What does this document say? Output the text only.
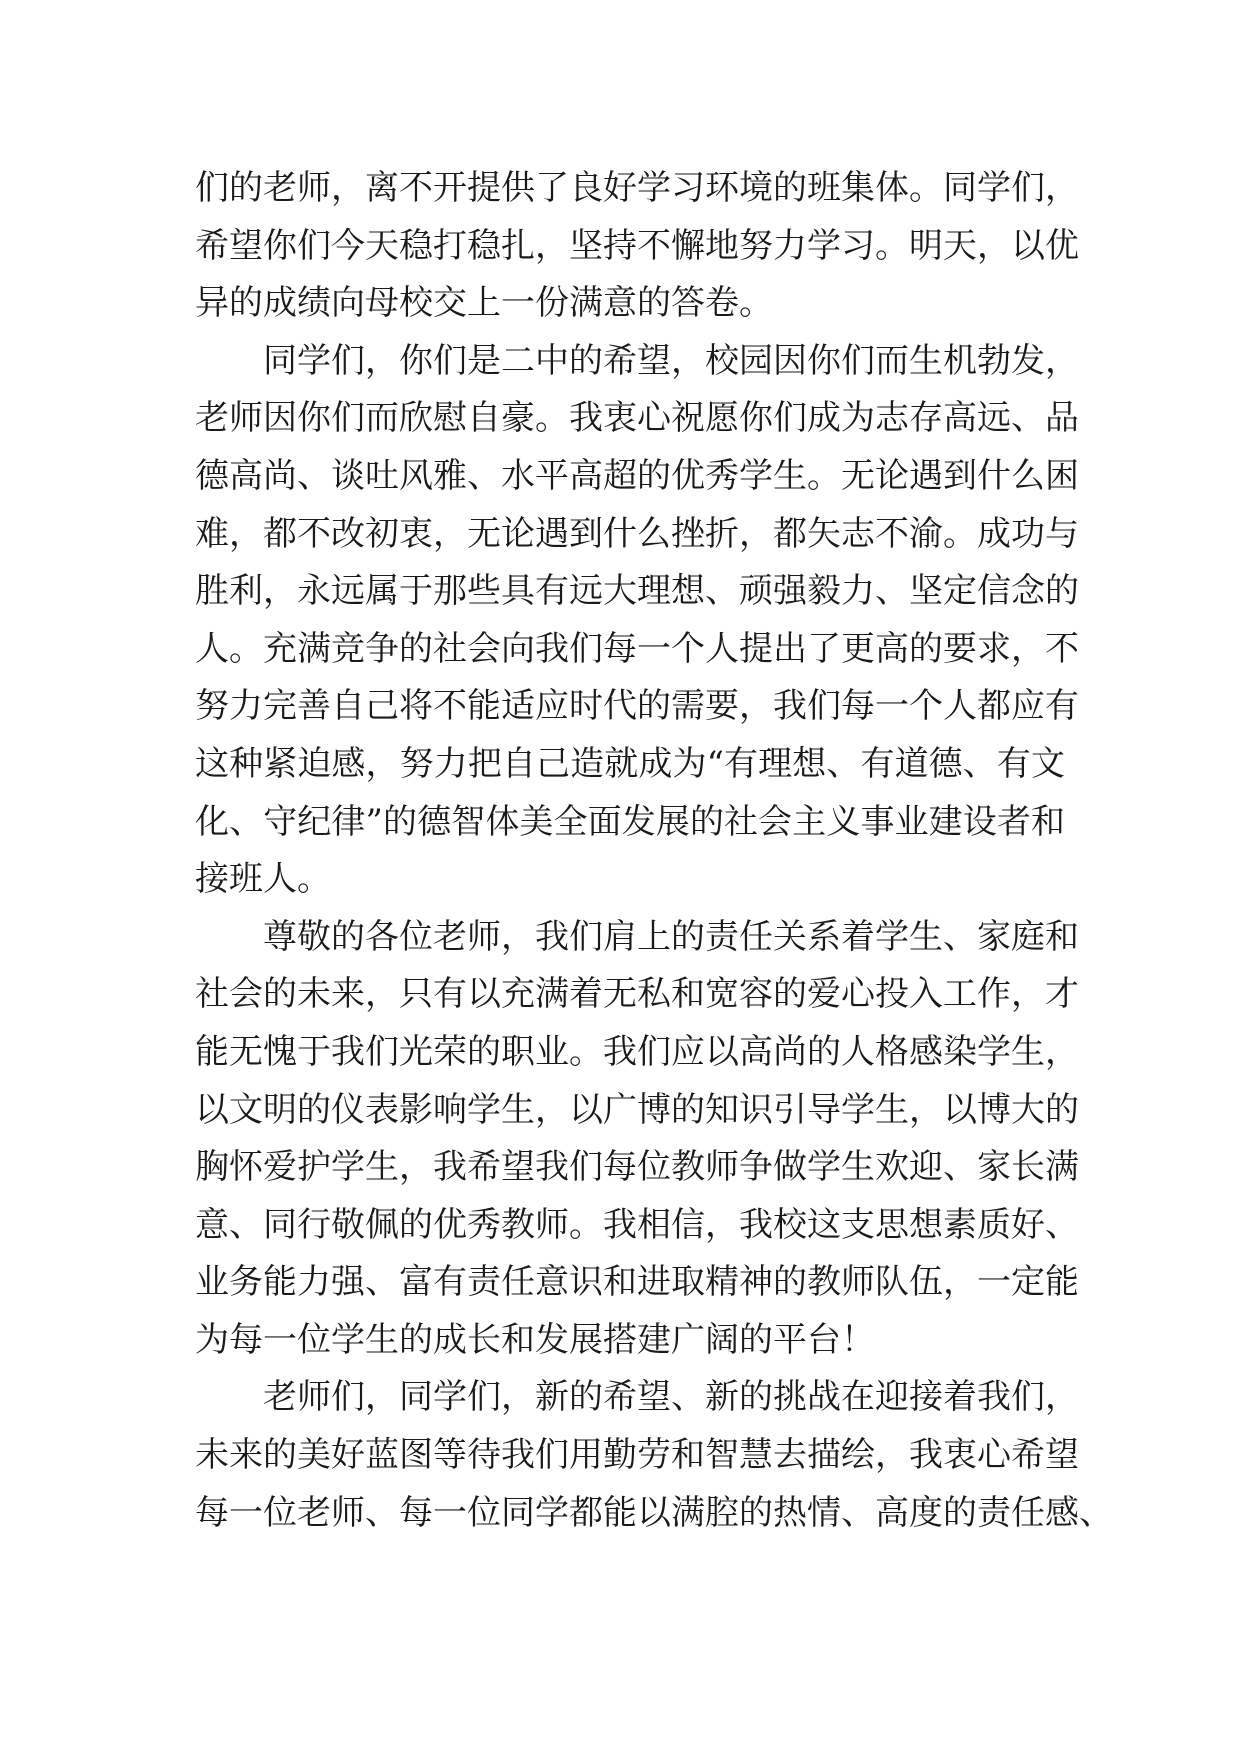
们的老师，离不开提供了良好学习环境的班集体。同学们，
希望你们今天稳打稳扎，坚持不懈地努力学习。明天，以优
异的成绩向母校交上一份满意的答卷。
同学们，你们是二中的希望，校园因你们而生机勃发，
老师因你们而欣慰自豪。我衷心祝愿你们成为志存高远、品
德高尚、谈吐风雅、水平高超的优秀学生。无论遇到什么困
难，都不改初衷，无论遇到什么挫折，都矢志不渝。成功与
胜利，永远属于那些具有远大理想、顽强毅力、坚定信念的
人。充满竞争的社会向我们每一个人提出了更高的要求，不
努力完善自己将不能适应时代的需要，我们每一个人都应有
这种紧迫感，努力把自己造就成为“有理想、有道德、有文
化、守纪律”的德智体美全面发展的社会主义事业建设者和
接班人。
尊敬的各位老师，我们肩上的责任关系着学生、家庭和
社会的未来，只有以充满着无私和宽容的爱心投入工作，才
能无愧于我们光荣的职业。我们应以高尚的人格感染学生，
以文明的仪表影响学生，以广博的知识引导学生，以博大的
胸怀爱护学生，我希望我们每位教师争做学生欢迎、家长满
意、同行敬佩的优秀教师。我相信，我校这支思想素质好、
业务能力强、富有责任意识和进取精神的教师队伍，一定能
为每一位学生的成长和发展搭建广阔的平台！
老师们，同学们，新的希望、新的挑战在迎接着我们，
未来的美好蓝图等待我们用勤劳和智慧去描绘，我衷心希望
每一位老师、每一位同学都能以满腔的热情、高度的责任感、
